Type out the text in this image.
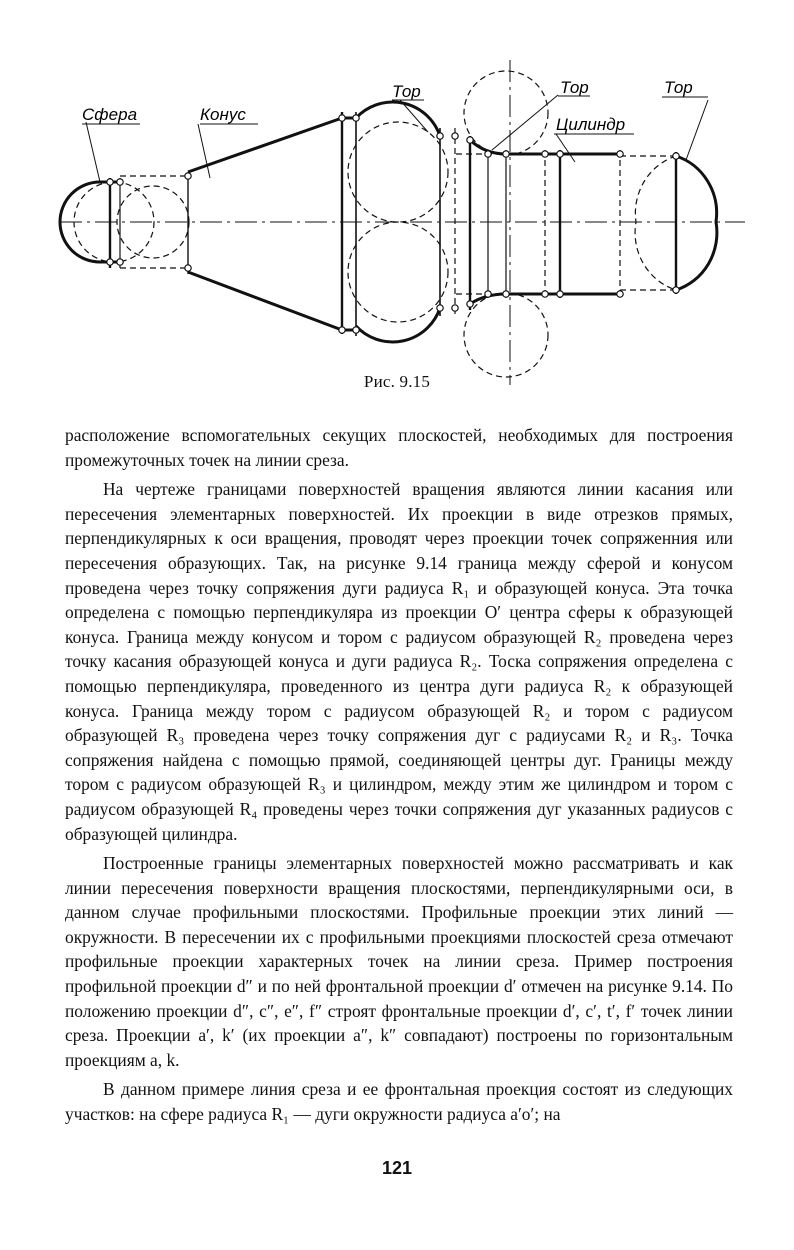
Сфера	Конус
Тор	Тор
Цилиндр
Тор
Рис. 9.15

расположение вспомогательных секущих плоскостей, необходимых для построения промежуточных точек на линии среза.

На чертеже границами поверхностей вращения являются линии касания или пересечения элементарных поверхностей. Их проекции в виде отрезков прямых, перпендикулярных к оси вращения, проводят через проекции точек сопряженния или пересечения образующих. Так, на рисунке 9.14 граница между сферой и конусом проведена через точку сопряжения дуги радиуса R₁ и образующей конуса. Эта точка определена с помощью перпендикуляра из проекции O′ центра сферы к образующей конуса. Граница между конусом и тором с радиусом образующей R₂ проведена через точку касания образующей конуса и дуги радиуса R₂. Тоска сопряжения определена с помощью перпендикуляра, проведенного из центра дуги радиуса R₂ к образующей конуса. Граница между тором с радиусом образующей R₂ и тором с радиусом образующей R₃ проведена через точку сопряжения дуг с радиусами R₂ и R₃. Точка сопряжения найдена с помощью прямой, соединяющей центры дуг. Границы между тором с радиусом образующей R₃ и цилиндром, между этим же цилиндром и тором с радиусом образующей R₄ проведены через точки сопряжения дуг указанных радиусов с образующей цилиндра.

Построенные границы элементарных поверхностей можно рассматривать и как линии пересечения поверхности вращения плоскостями, перпендикулярными оси, в данном случае профильными плоскостями. Профильные проекции этих линий — окружности. В пересечении их с профильными проекциями плоскостей среза отмечают профильные проекции характерных точек на линии среза. Пример построения профильной проекции d″ и по ней фронтальной проекции d′ отмечен на рисунке 9.14. По положению проекции d″, c″, e″, f″ строят фронтальные проекции d′, c′, t′, f′ точек линии среза. Проекции a′, k′ (их проекции a″, k″ совпадают) построены по горизонтальным проекциям a, k.

В данном примере линия среза и ее фронтальная проекция состоят из следующих участков: на сфере радиуса R₁ — дуги окружности радиуса a′o′; на

121
